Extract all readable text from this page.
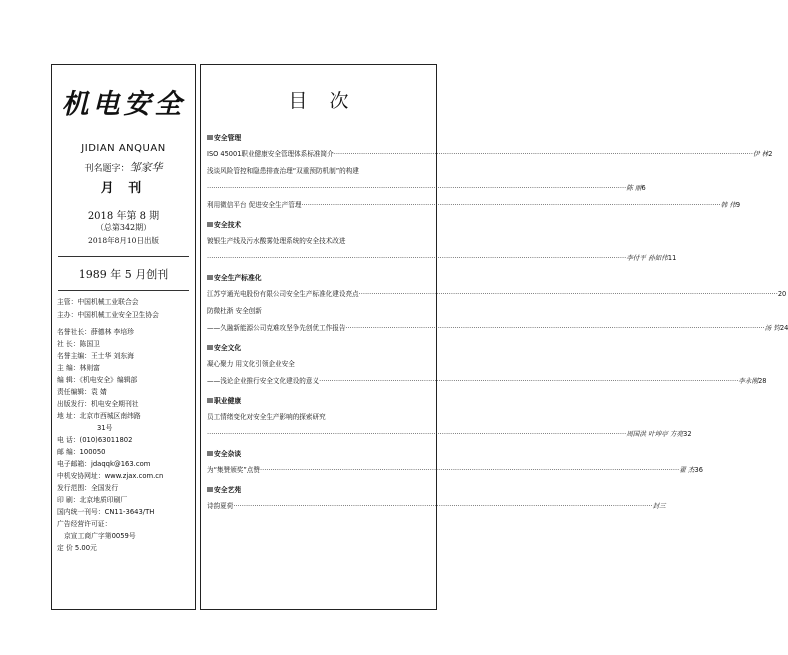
机电安全
JIDIAN ANQUAN
刊名题字：邹家华
月 刊
2018 年第 8 期
（总第342期）
2018年8月10日出版
1989 年 5 月创刊
主管：中国机械工业联合会
主办：中国机械工业安全卫生协会
名誉社长：薛德林 李培珍
社 长：陈国卫
名誉主编：王士华 刘东海
主 编：林则富
编 辑：《机电安全》编辑部
责任编辑：袁 婧
出版发行：机电安全期刊社
地 址：北京市西城区南纬路
31号
电 话：(010)63011802
邮 编：100050
电子邮箱：jdaqqk@163.com
中机安协网址：www.zjax.com.cn
发行范围：全国发行
印 刷：北京地质印刷厂
国内统一刊号：CN11-3643/TH
广告经营许可证：
京宣工商广字第0059号
定 价 5.00元
目次
安全管理
ISO 45001职业健康安全管理体系标准简介 ········································································································································································································ 伊 林 2
浅谈风险管控和隐患排查治理“双重预防机制”的构建
········································································································································································································ 陈 丽 6
利用微信平台 促进安全生产管理 ········································································································································································································ 韩 伟 9
安全技术
镀银生产线及污水酸雾处理系统的安全技术改进
········································································································································································································ 李付平 孙如伟 11
安全生产标准化
江苏亨通光电股份有限公司安全生产标准化建设亮点 ········································································································································································································ 20
防微杜渐 安全创新
——久融新能源公司克难攻坚争先创优工作报告 ········································································································································································································ 汤 钧 24
安全文化
凝心聚力 用文化引领企业安全
——浅论企业推行安全文化建设的意义 ········································································································································································································ 李永刚 28
职业健康
员工情绪变化对安全生产影响的探索研究
········································································································································································································ 周国洪 叶坤亭 方亮 32
安全杂谈
为“集赞颁奖”点赞 ········································································································································································································ 翟 杰 36
安全艺苑
诗韵夏荷 ········································································································································································································ 封三
